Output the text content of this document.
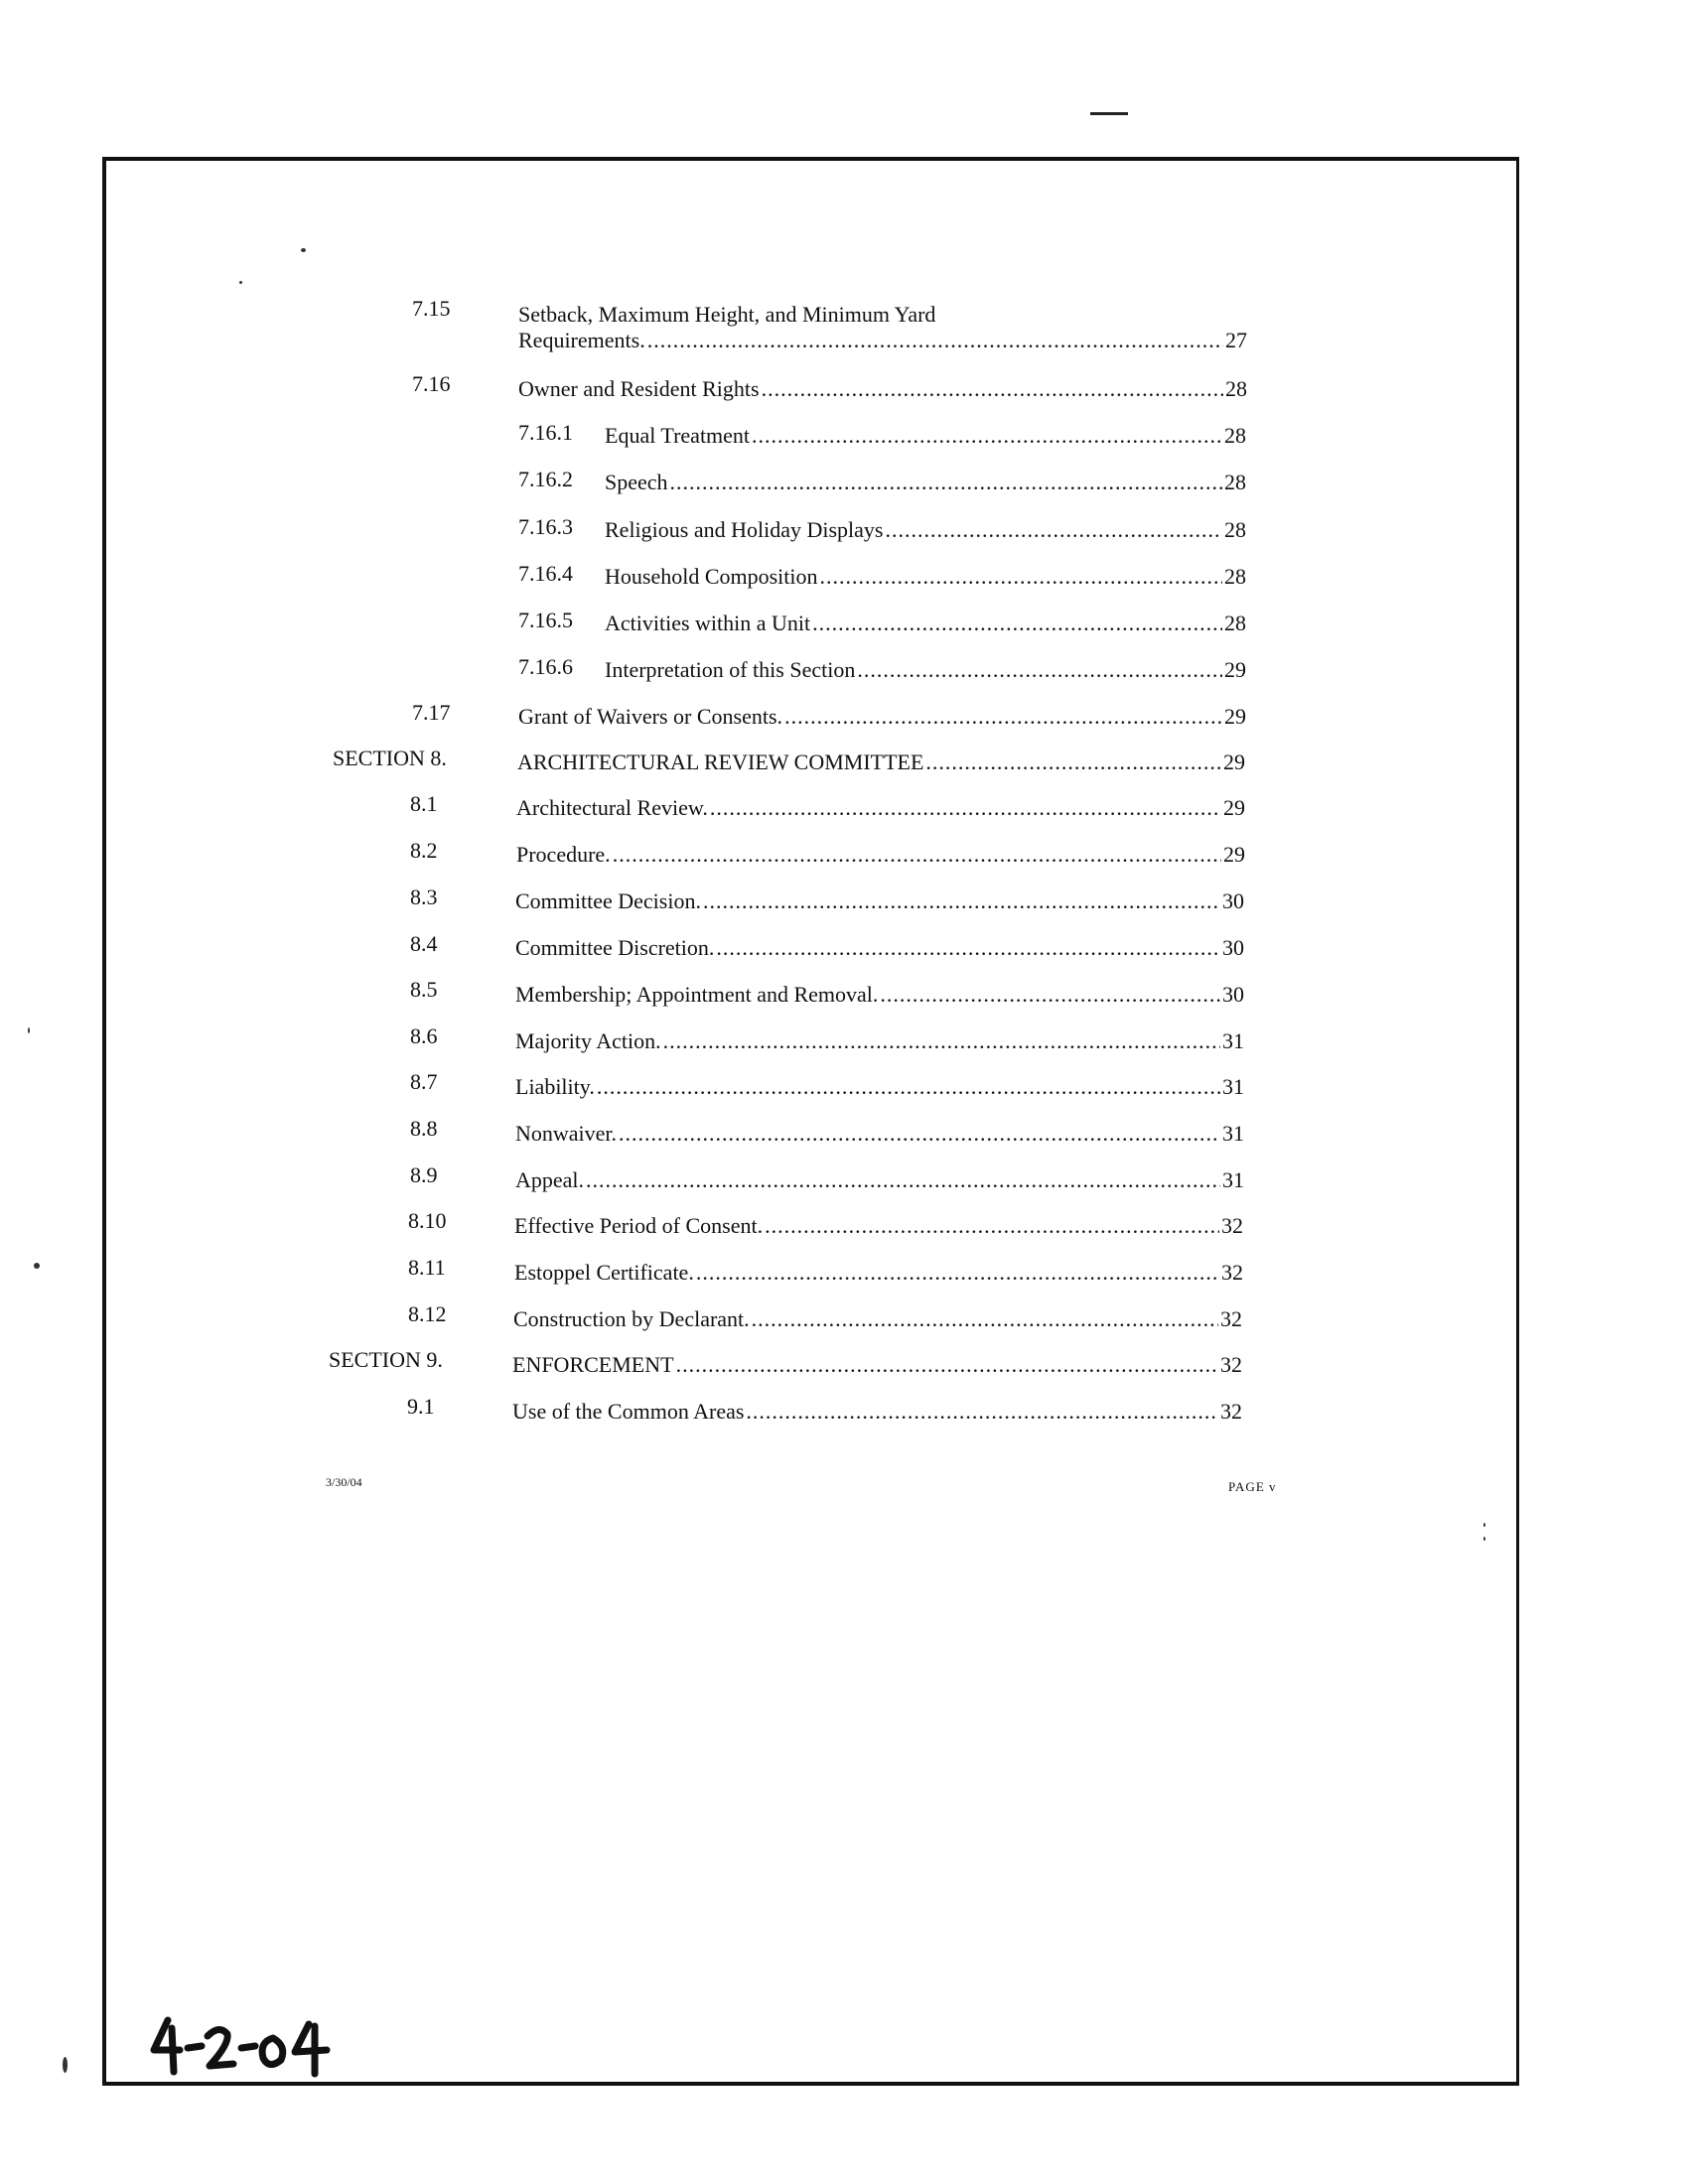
7.15	Setback, Maximum Height, and Minimum Yard
Requirements. .....	27
7.16	Owner and Resident Rights .....	28
7.16.1 Equal Treatment .....	28
7.16.2 Speech .....	28
7.16.3 Religious and Holiday Displays .....	28
7.16.4 Household Composition .....	28
7.16.5 Activities within a Unit .....	28
7.16.6 Interpretation of this Section .....	29
7.17	Grant of Waivers or Consents. .....	29
SECTION 8.	ARCHITECTURAL REVIEW COMMITTEE .....	29
8.1	Architectural Review. .....	29
8.2	Procedure. .....	29
8.3	Committee Decision. .....	30
8.4	Committee Discretion. .....	30
8.5	Membership; Appointment and Removal. .....	30
8.6	Majority Action. .....	31
8.7	Liability. .....	31
8.8	Nonwaiver. .....	31
8.9	Appeal. .....	31
8.10	Effective Period of Consent. .....	32
8.11	Estoppel Certificate. .....	32
8.12	Construction by Declarant. .....	32
SECTION 9.	ENFORCEMENT .....	32
9.1	Use of the Common Areas .....	32
3/30/04	PAGE v
